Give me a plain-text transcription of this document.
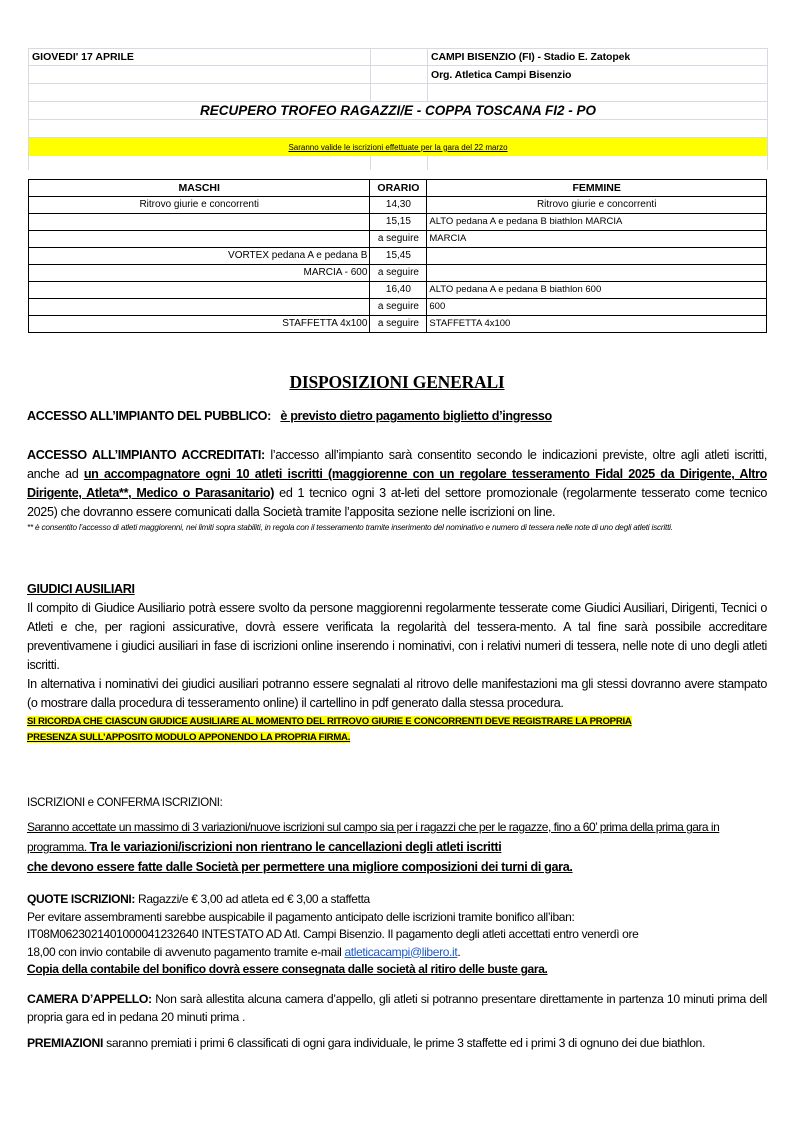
GIOVEDI' 17 APRILE	CAMPI BISENZIO (FI) - Stadio E. Zatopek
Org. Atletica Campi Bisenzio
RECUPERO TROFEO RAGAZZI/E - COPPA TOSCANA FI2 - PO
Saranno valide le iscrizioni effettuate per la gara del 22 marzo
MASCHI	ORARIO	FEMMINE
Ritrovo giurie e concorrenti	14,30	Ritrovo giurie e concorrenti
	15,15	ALTO pedana A e pedana B biathlon MARCIA
	a seguire	MARCIA
VORTEX pedana A e pedana B	15,45	
MARCIA - 600	a seguire	
	16,40	ALTO pedana A e pedana B biathlon 600
	a seguire	600
STAFFETTA 4x100	a seguire	STAFFETTA 4x100
DISPOSIZIONI GENERALI
ACCESSO ALL’IMPIANTO DEL PUBBLICO: è previsto dietro pagamento biglietto d’ingresso
ACCESSO ALL’IMPIANTO ACCREDITATI: l’accesso all’impianto sarà consentito secondo le indicazioni previste, oltre agli atleti iscritti, anche ad un accompagnatore ogni 10 atleti iscritti (maggiorenne con un regolare tesseramento Fidal 2025 da Dirigente, Altro Dirigente, Atleta**, Medico o Parasanitario) ed 1 tecnico ogni 3 at-leti del settore promozionale (regolarmente tesserato come tecnico 2025) che dovranno essere comunicati dalla Società tramite l’apposita sezione nelle iscrizioni on line.
** è consentito l’accesso di atleti maggiorenni, nei limiti sopra stabiliti, in regola con il tesseramento tramite inserimento del nominativo e numero di tessera nelle note di uno degli atleti iscritti.
GIUDICI AUSILIARI
Il compito di Giudice Ausiliario potrà essere svolto da persone maggiorenni regolarmente tesserate come Giudici Ausiliari, Dirigenti, Tecnici o Atleti e che, per ragioni assicurative, dovrà essere verificata la regolarità del tessera-mento. A tal fine sarà possibile accreditare preventivamene i giudici ausiliari in fase di iscrizioni online inserendo i nominativi, con i relativi numeri di tessera, nelle note di uno degli atleti iscritti.
In alternativa i nominativi dei giudici ausiliari potranno essere segnalati al ritrovo delle manifestazioni ma gli stessi dovranno avere stampato (o mostrare dalla procedura di tesseramento online) il cartellino in pdf generato dalla stessa procedura.
SI RICORDA CHE CIASCUN GIUDICE AUSILIARE AL MOMENTO DEL RITROVO GIURIE E CONCORRENTI DEVE REGISTRARE LA PROPRIA
PRESENZA SULL’APPOSITO MODULO APPONENDO LA PROPRIA FIRMA.
ISCRIZIONI e CONFERMA ISCRIZIONI:
Saranno accettate un massimo di 3 variazioni/nuove iscrizioni sul campo sia per i ragazzi che per le ragazze, fino a 60’ prima della prima gara in programma. Tra le variazioni/iscrizioni non rientrano le cancellazioni degli atleti iscritti
che devono essere fatte dalle Società per permettere una migliore composizioni dei turni di gara.
QUOTE ISCRIZIONI: Ragazzi/e € 3,00 ad atleta ed € 3,00 a staffetta
Per evitare assembramenti sarebbe auspicabile il pagamento anticipato delle iscrizioni tramite bonifico all’iban:
IT08M0623021401000041232640 INTESTATO AD Atl. Campi Bisenzio. Il pagamento degli atleti accettati entro venerdì ore
18,00 con invio contabile di avvenuto pagamento tramite e-mail atleticacampi@libero.it.
Copia della contabile del bonifico dovrà essere consegnata dalle società al ritiro delle buste gara.
CAMERA D’APPELLO: Non sarà allestita alcuna camera d’appello, gli atleti si potranno presentare direttamente in partenza 10 minuti prima dell propria gara ed in pedana 20 minuti prima .
PREMIAZIONI saranno premiati i primi 6 classificati di ogni gara individuale, le prime 3 staffette ed i primi 3 di ognuno dei due biathlon.
